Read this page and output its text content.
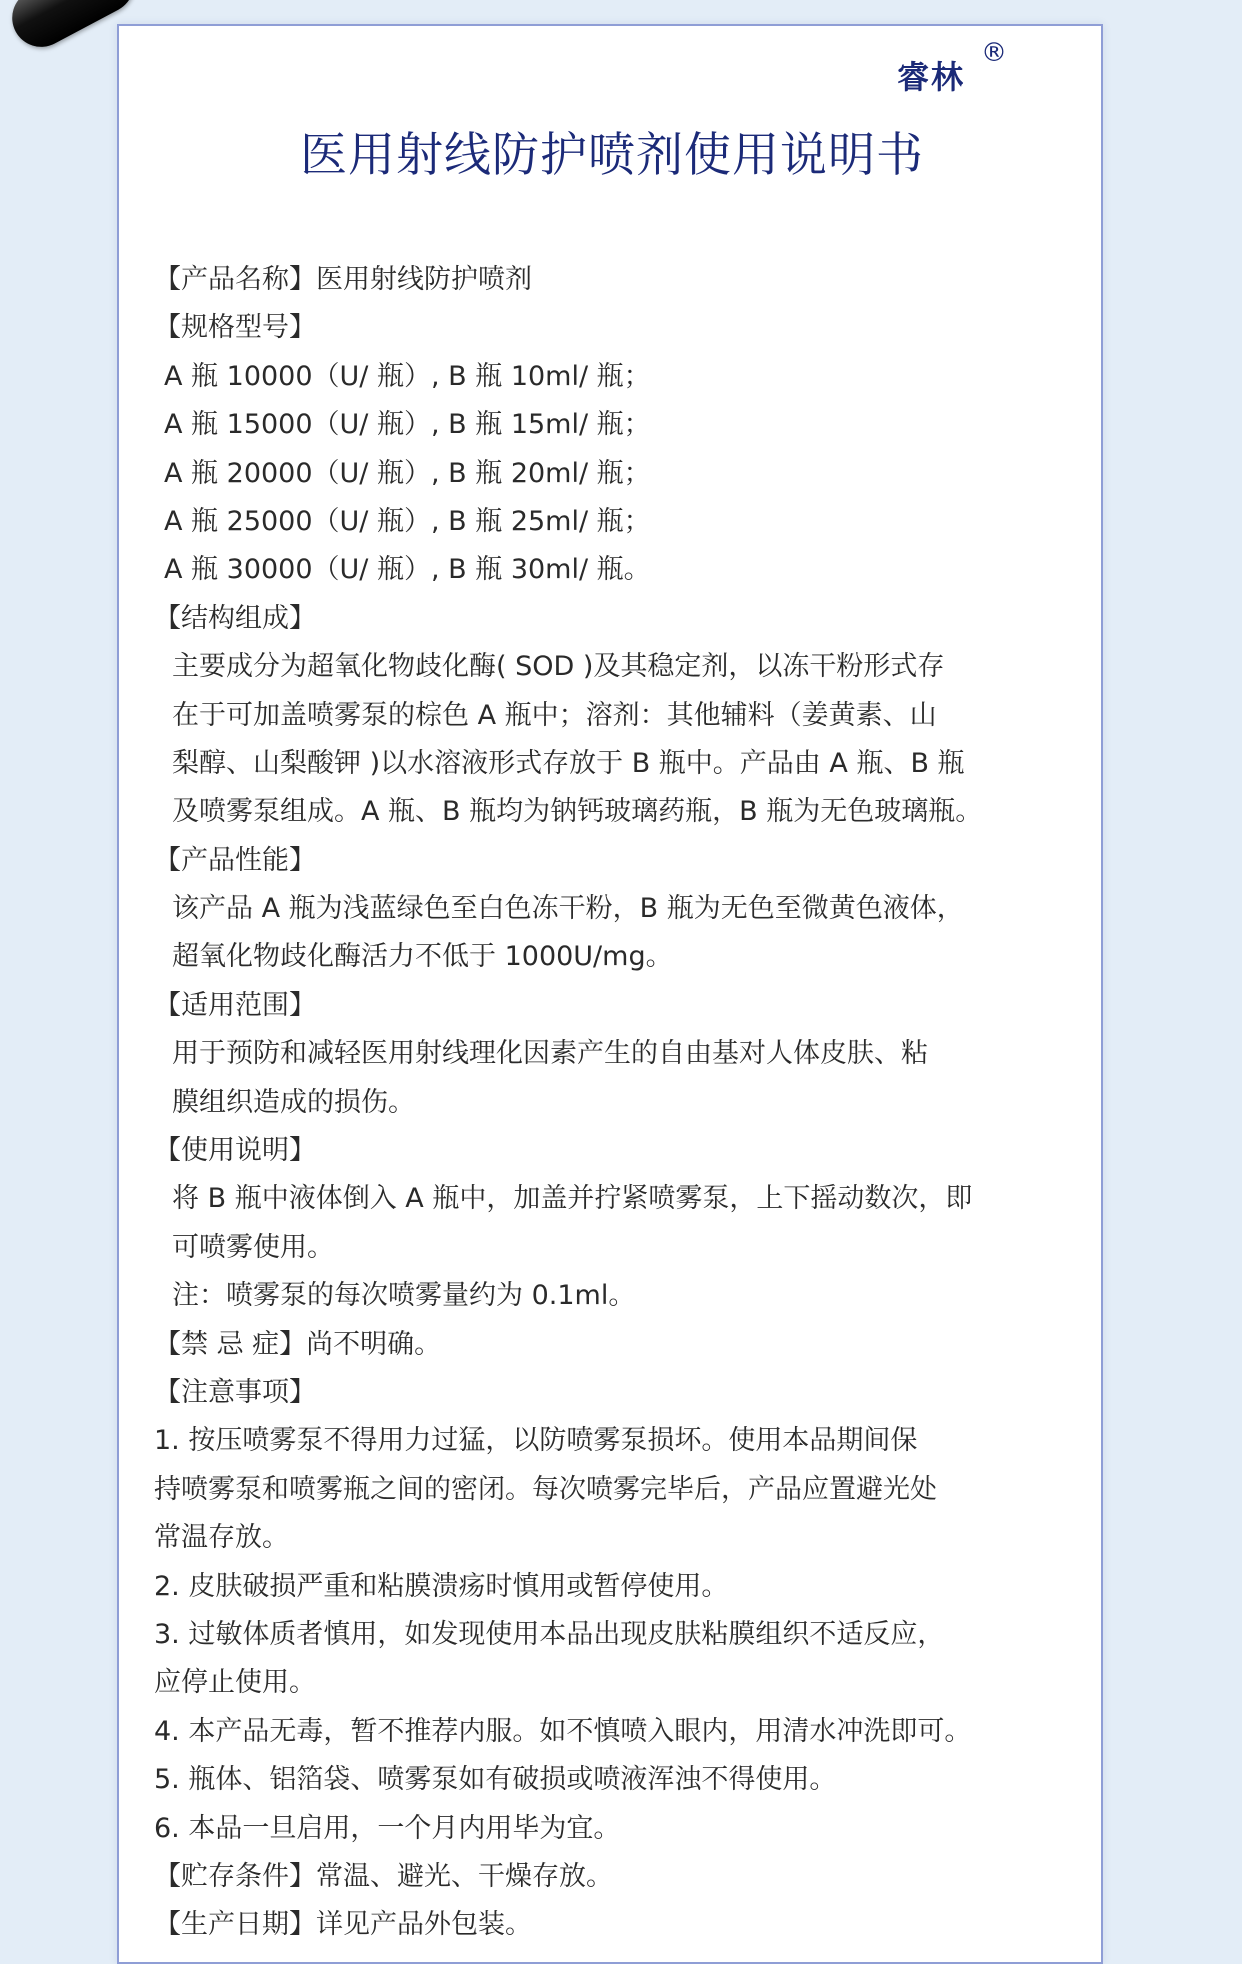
睿林
®
医用射线防护喷剂使用说明书
【产品名称】医用射线防护喷剂
【规格型号】
A 瓶 10000（U/ 瓶）, B 瓶 10ml/ 瓶；
A 瓶 15000（U/ 瓶）, B 瓶 15ml/ 瓶；
A 瓶 20000（U/ 瓶）, B 瓶 20ml/ 瓶；
A 瓶 25000（U/ 瓶）, B 瓶 25ml/ 瓶；
A 瓶 30000（U/ 瓶）, B 瓶 30ml/ 瓶。
【结构组成】
主要成分为超氧化物歧化酶( SOD )及其稳定剂，以冻干粉形式存
在于可加盖喷雾泵的棕色 A 瓶中；溶剂：其他辅料（姜黄素、山
梨醇、山梨酸钾 )以水溶液形式存放于 B 瓶中。产品由 A 瓶、B 瓶
及喷雾泵组成。A 瓶、B 瓶均为钠钙玻璃药瓶，B 瓶为无色玻璃瓶。
【产品性能】
该产品 A 瓶为浅蓝绿色至白色冻干粉，B 瓶为无色至微黄色液体，
超氧化物歧化酶活力不低于 1000U/mg。
【适用范围】
用于预防和减轻医用射线理化因素产生的自由基对人体皮肤、粘
膜组织造成的损伤。
【使用说明】
将 B 瓶中液体倒入 A 瓶中，加盖并拧紧喷雾泵，上下摇动数次，即
可喷雾使用。
注：喷雾泵的每次喷雾量约为 0.1ml。
【禁 忌 症】尚不明确。
【注意事项】
1. 按压喷雾泵不得用力过猛，以防喷雾泵损坏。使用本品期间保
持喷雾泵和喷雾瓶之间的密闭。每次喷雾完毕后，产品应置避光处
常温存放。
2. 皮肤破损严重和粘膜溃疡时慎用或暂停使用。
3. 过敏体质者慎用，如发现使用本品出现皮肤粘膜组织不适反应，
应停止使用。
4. 本产品无毒，暂不推荐内服。如不慎喷入眼内，用清水冲洗即可。
5. 瓶体、铝箔袋、喷雾泵如有破损或喷液浑浊不得使用。
6. 本品一旦启用，一个月内用毕为宜。
【贮存条件】常温、避光、干燥存放。
【生产日期】详见产品外包装。
